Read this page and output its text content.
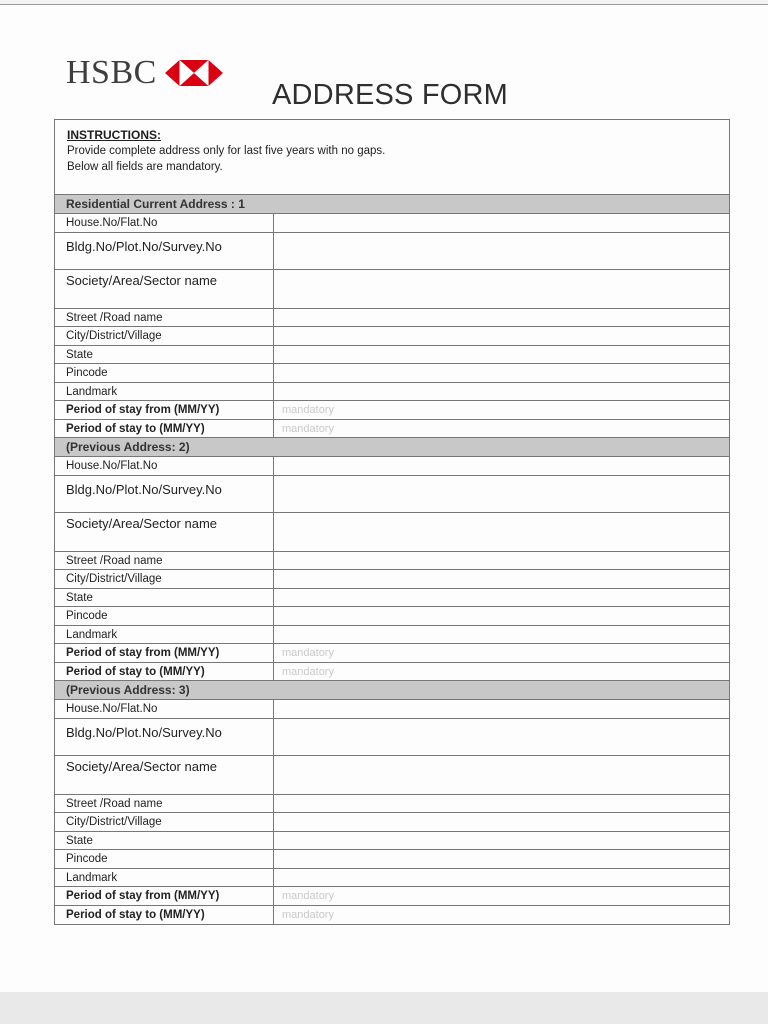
HSBC
ADDRESS FORM
INSTRUCTIONS:
Provide complete address only for last five years with no gaps.
Below all fields are mandatory.
Residential Current Address : 1
House.No/Flat.No
Bldg.No/Plot.No/Survey.No
Society/Area/Sector name
Street /Road name
City/District/Village
State
Pincode
Landmark
Period of stay from (MM/YY)	mandatory
Period of stay to (MM/YY)	mandatory
(Previous Address: 2)
House.No/Flat.No
Bldg.No/Plot.No/Survey.No
Society/Area/Sector name
Street /Road name
City/District/Village
State
Pincode
Landmark
Period of stay from (MM/YY)	mandatory
Period of stay to (MM/YY)	mandatory
(Previous Address: 3)
House.No/Flat.No
Bldg.No/Plot.No/Survey.No
Society/Area/Sector name
Street /Road name
City/District/Village
State
Pincode
Landmark
Period of stay from (MM/YY)	mandatory
Period of stay to (MM/YY)	mandatory
